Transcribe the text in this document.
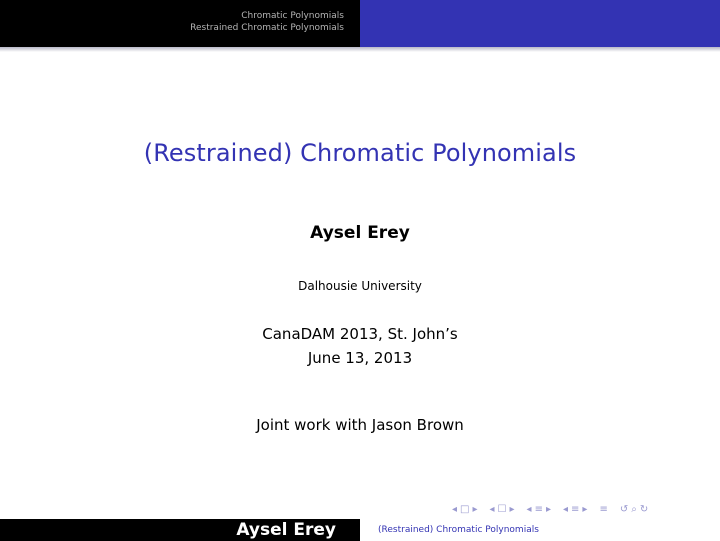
Chromatic Polynomials
Restrained Chromatic Polynomials
(Restrained) Chromatic Polynomials
Aysel Erey
Dalhousie University
CanaDAM 2013, St. John’s
June 13, 2013
Joint work with Jason Brown
◂ □ ▸ ◂ ☐ ▸ ◂ ≡ ▸ ◂ ≡ ▸ ≡ ↺ ⌕ ↻
Aysel Erey	(Restrained) Chromatic Polynomials
